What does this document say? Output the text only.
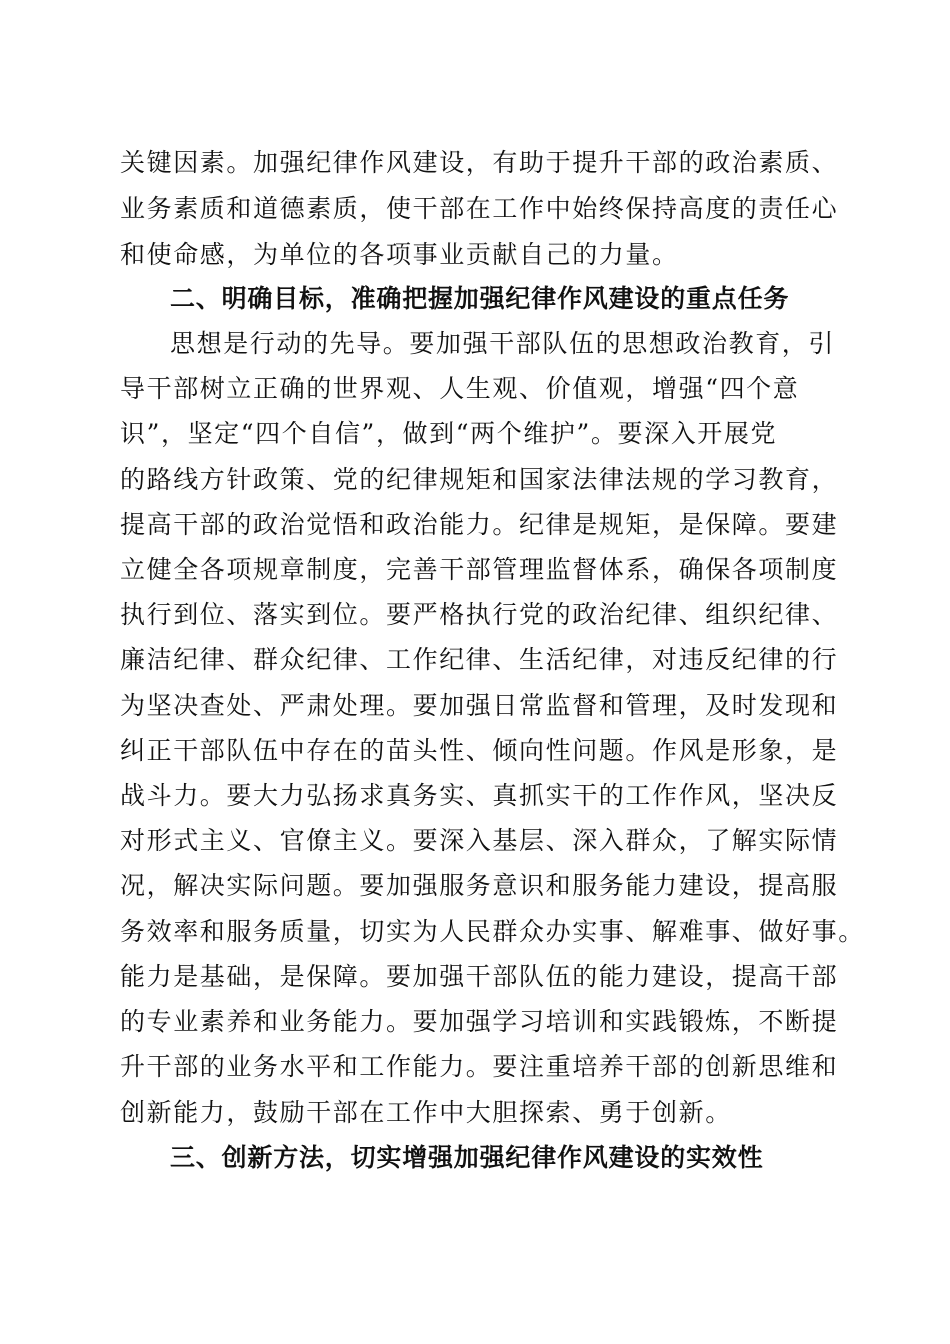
关键因素。加强纪律作风建设，有助于提升干部的政治素质、
业务素质和道德素质，使干部在工作中始终保持高度的责任心
和使命感，为单位的各项事业贡献自己的力量。
二、明确目标，准确把握加强纪律作风建设的重点任务
思想是行动的先导。要加强干部队伍的思想政治教育，引
导干部树立正确的世界观、人生观、价值观，增强“四个意
识”，坚定“四个自信”，做到“两个维护”。要深入开展党
的路线方针政策、党的纪律规矩和国家法律法规的学习教育，
提高干部的政治觉悟和政治能力。纪律是规矩，是保障。要建
立健全各项规章制度，完善干部管理监督体系，确保各项制度
执行到位、落实到位。要严格执行党的政治纪律、组织纪律、
廉洁纪律、群众纪律、工作纪律、生活纪律，对违反纪律的行
为坚决查处、严肃处理。要加强日常监督和管理，及时发现和
纠正干部队伍中存在的苗头性、倾向性问题。作风是形象，是
战斗力。要大力弘扬求真务实、真抓实干的工作作风，坚决反
对形式主义、官僚主义。要深入基层、深入群众，了解实际情
况，解决实际问题。要加强服务意识和服务能力建设，提高服
务效率和服务质量，切实为人民群众办实事、解难事、做好事。
能力是基础，是保障。要加强干部队伍的能力建设，提高干部
的专业素养和业务能力。要加强学习培训和实践锻炼，不断提
升干部的业务水平和工作能力。要注重培养干部的创新思维和
创新能力，鼓励干部在工作中大胆探索、勇于创新。
三、创新方法，切实增强加强纪律作风建设的实效性
